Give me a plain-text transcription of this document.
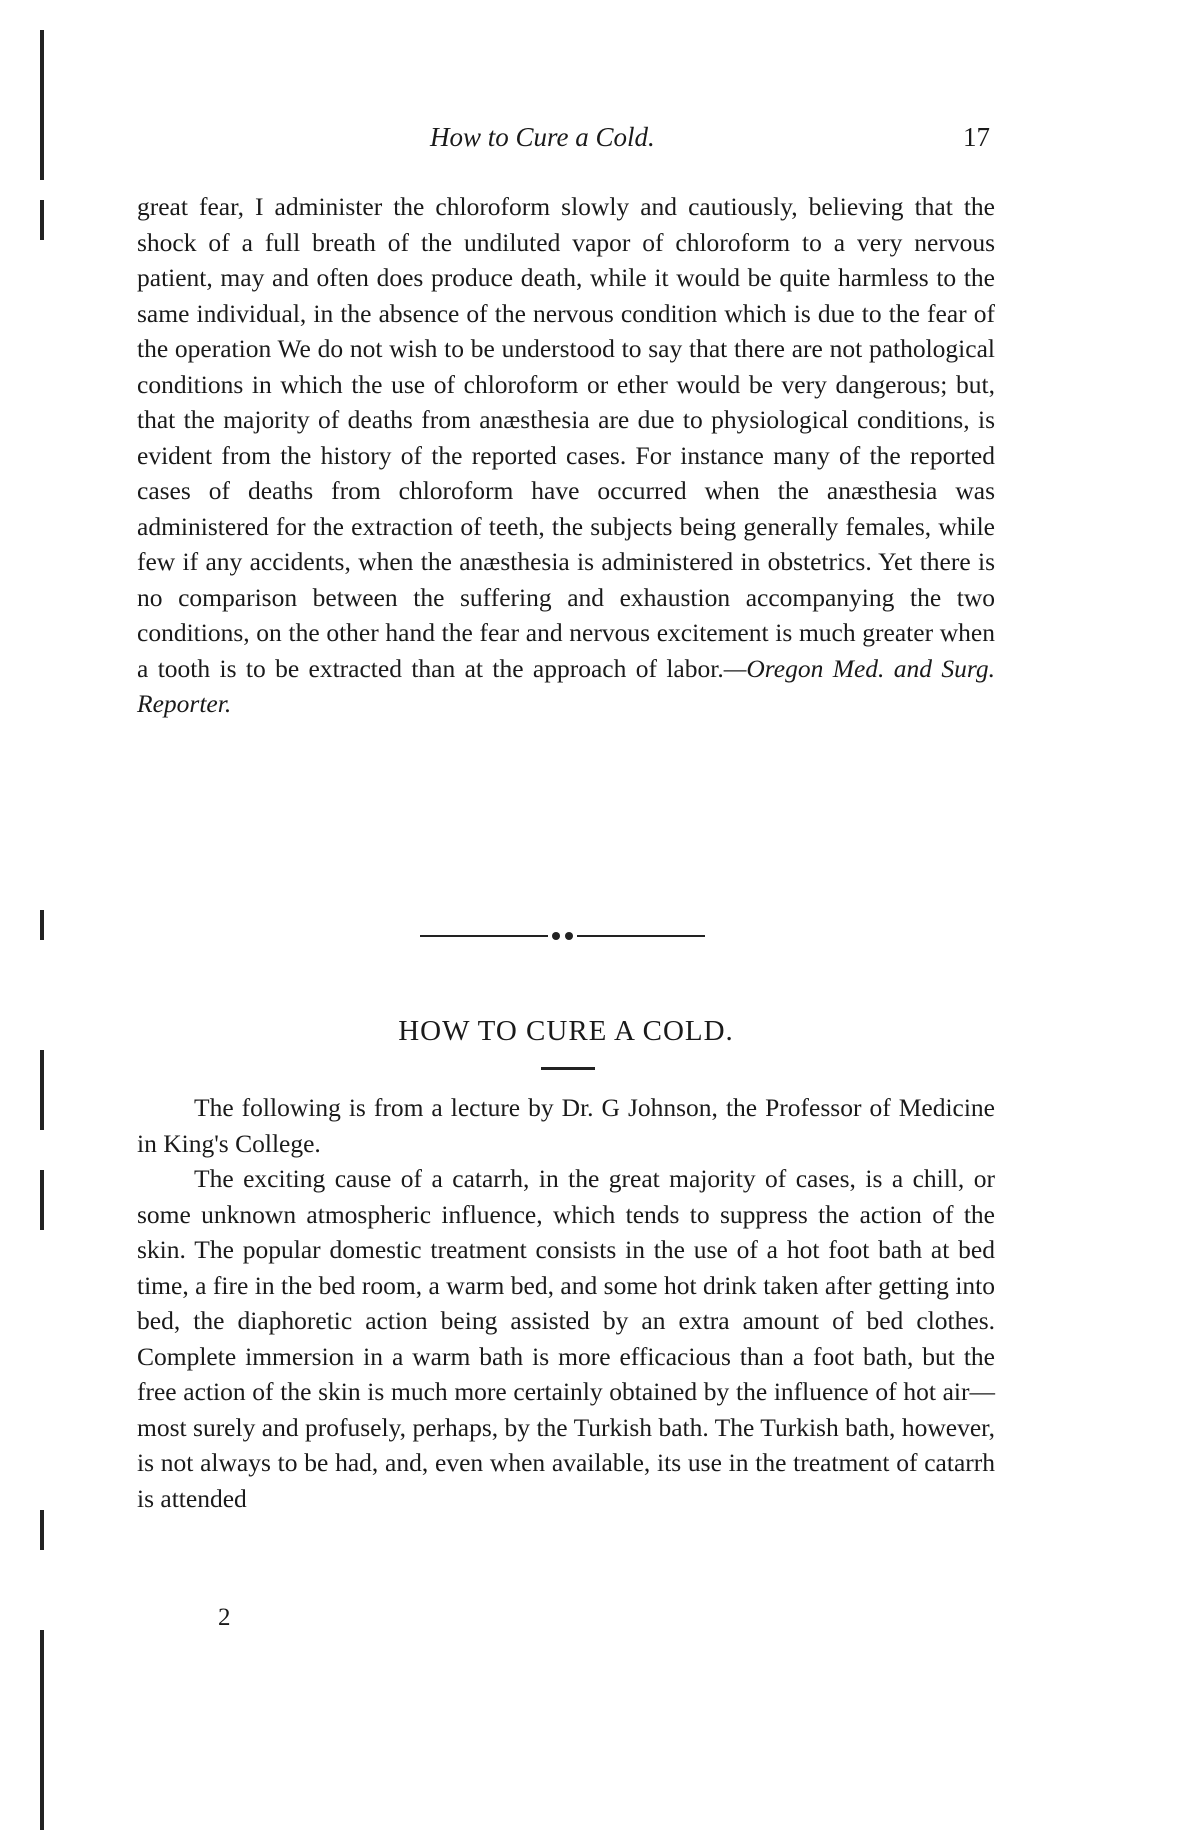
How to Cure a Cold.	17

great fear, I administer the chloroform slowly and cautiously, believing that the shock of a full breath of the undiluted vapor of chloroform to a very nervous patient, may and often does produce death, while it would be quite harmless to the same individual, in the absence of the nervous condition which is due to the fear of the operation We do not wish to be understood to say that there are not pathological conditions in which the use of chloroform or ether would be very dangerous; but, that the majority of deaths from anæsthesia are due to physiological conditions, is evident from the history of the reported cases. For instance many of the reported cases of deaths from chloroform have occurred when the anæsthesia was administered for the extraction of teeth, the subjects being generally females, while few if any accidents, when the anæsthesia is administered in obstetrics. Yet there is no comparison between the suffering and exhaustion accompanying the two conditions, on the other hand the fear and nervous excitement is much greater when a tooth is to be extracted than at the approach of labor.—Oregon Med. and Surg. Reporter.

HOW TO CURE A COLD.

The following is from a lecture by Dr. G Johnson, the Professor of Medicine in King's College.

The exciting cause of a catarrh, in the great majority of cases, is a chill, or some unknown atmospheric influence, which tends to suppress the action of the skin. The popular domestic treatment consists in the use of a hot foot bath at bed time, a fire in the bed room, a warm bed, and some hot drink taken after getting into bed, the diaphoretic action being assisted by an extra amount of bed clothes. Complete immersion in a warm bath is more efficacious than a foot bath, but the free action of the skin is much more certainly obtained by the influence of hot air—most surely and profusely, perhaps, by the Turkish bath. The Turkish bath, however, is not always to be had, and, even when available, its use in the treatment of catarrh is attended

2
